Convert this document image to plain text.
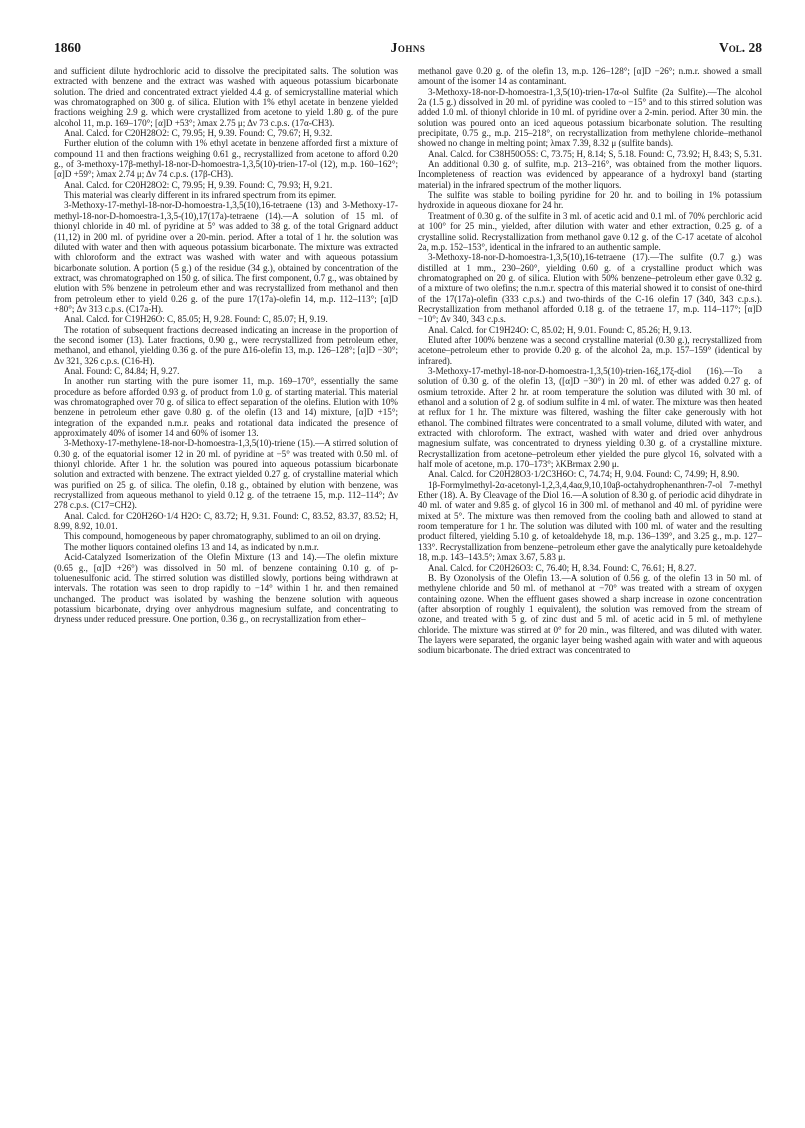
1860	Johns	Vol. 28

and sufficient dilute hydrochloric acid to dissolve the precipitated salts. The solution was extracted with benzene and the extract was washed with aqueous potassium bicarbonate solution. The dried and concentrated extract yielded 4.4 g. of semicrystalline material which was chromatographed on 300 g. of silica. Elution with 1% ethyl acetate in benzene yielded fractions weighing 2.9 g. which were crystallized from acetone to yield 1.80 g. of the pure alcohol 11, m.p. 169–170°; [α]D +53°; λmax 2.75 μ; Δν 73 c.p.s. (17α-CH3).

Anal. Calcd. for C20H28O2: C, 79.95; H, 9.39. Found: C, 79.67; H, 9.32.

Further elution of the column with 1% ethyl acetate in benzene afforded first a mixture of compound 11 and then fractions weighing 0.61 g., recrystallized from acetone to afford 0.20 g., of 3-methoxy-17β-methyl-18-nor-D-homoestra-1,3,5(10)-trien-17-ol (12), m.p. 160–162°; [α]D +59°; λmax 2.74 μ; Δν 74 c.p.s. (17β-CH3).

Anal. Calcd. for C20H28O2: C, 79.95; H, 9.39. Found: C, 79.93; H, 9.21.

This material was clearly different in its infrared spectrum from its epimer.

3-Methoxy-17-methyl-18-nor-D-homoestra-1,3,5(10),16-tetraene (13) and 3-Methoxy-17-methyl-18-nor-D-homoestra-1,3,5-(10),17(17a)-tetraene (14).—A solution of 15 ml. of thionyl chloride in 40 ml. of pyridine at 5° was added to 38 g. of the total Grignard adduct (11,12) in 200 ml. of pyridine over a 20-min. period. After a total of 1 hr. the solution was diluted with water and then with aqueous potassium bicarbonate. The mixture was extracted with chloroform and the extract was washed with water and with aqueous potassium bicarbonate solution. A portion (5 g.) of the residue (34 g.), obtained by concentration of the extract, was chromatographed on 150 g. of silica. The first component, 0.7 g., was obtained by elution with 5% benzene in petroleum ether and was recrystallized from methanol and then from petroleum ether to yield 0.26 g. of the pure 17(17a)-olefin 14, m.p. 112–113°; [α]D +80°; Δν 313 c.p.s. (C17a-H).

Anal. Calcd. for C19H26O: C, 85.05; H, 9.28. Found: C, 85.07; H, 9.19.

The rotation of subsequent fractions decreased indicating an increase in the proportion of the second isomer (13). Later fractions, 0.90 g., were recrystallized from petroleum ether, methanol, and ethanol, yielding 0.36 g. of the pure Δ16-olefin 13, m.p. 126–128°; [α]D −30°; Δν 321, 326 c.p.s. (C16-H).

Anal. Found: C, 84.84; H, 9.27.

In another run starting with the pure isomer 11, m.p. 169–170°, essentially the same procedure as before afforded 0.93 g. of product from 1.0 g. of starting material. This material was chromatographed over 70 g. of silica to effect separation of the olefins. Elution with 10% benzene in petroleum ether gave 0.80 g. of the olefin (13 and 14) mixture, [α]D +15°; integration of the expanded n.m.r. peaks and rotational data indicated the presence of approximately 40% of isomer 14 and 60% of isomer 13.

3-Methoxy-17-methylene-18-nor-D-homoestra-1,3,5(10)-triene (15).—A stirred solution of 0.30 g. of the equatorial isomer 12 in 20 ml. of pyridine at −5° was treated with 0.50 ml. of thionyl chloride. After 1 hr. the solution was poured into aqueous potassium bicarbonate solution and extracted with benzene. The extract yielded 0.27 g. of crystalline material which was purified on 25 g. of silica. The olefin, 0.18 g., obtained by elution with benzene, was recrystallized from aqueous methanol to yield 0.12 g. of the tetraene 15, m.p. 112–114°; Δν 278 c.p.s. (C17=CH2).

Anal. Calcd. for C20H26O·1/4 H2O: C, 83.72; H, 9.31. Found: C, 83.52, 83.37, 83.52; H, 8.99, 8.92, 10.01.

This compound, homogeneous by paper chromatography, sublimed to an oil on drying.

The mother liquors contained olefins 13 and 14, as indicated by n.m.r.

Acid-Catalyzed Isomerization of the Olefin Mixture (13 and 14).—The olefin mixture (0.65 g., [α]D +26°) was dissolved in 50 ml. of benzene containing 0.10 g. of p-toluenesulfonic acid. The stirred solution was distilled slowly, portions being withdrawn at intervals. The rotation was seen to drop rapidly to −14° within 1 hr. and then remained unchanged. The product was isolated by washing the benzene solution with aqueous potassium bicarbonate, drying over anhydrous magnesium sulfate, and concentrating to dryness under reduced pressure. One portion, 0.36 g., on recrystallization from ether–

methanol gave 0.20 g. of the olefin 13, m.p. 126–128°; [α]D −26°; n.m.r. showed a small amount of the isomer 14 as contaminant.

3-Methoxy-18-nor-D-homoestra-1,3,5(10)-trien-17α-ol Sulfite (2a Sulfite).—The alcohol 2a (1.5 g.) dissolved in 20 ml. of pyridine was cooled to −15° and to this stirred solution was added 1.0 ml. of thionyl chloride in 10 ml. of pyridine over a 2-min. period. After 30 min. the solution was poured onto an iced aqueous potassium bicarbonate solution. The resulting precipitate, 0.75 g., m.p. 215–218°, on recrystallization from methylene chloride–methanol showed no change in melting point; λmax 7.39, 8.32 μ (sulfite bands).

Anal. Calcd. for C38H50O5S: C, 73.75; H, 8.14; S, 5.18. Found: C, 73.92; H, 8.43; S, 5.31.

An additional 0.30 g. of sulfite, m.p. 213–216°, was obtained from the mother liquors. Incompleteness of reaction was evidenced by appearance of a hydroxyl band (starting material) in the infrared spectrum of the mother liquors.

The sulfite was stable to boiling pyridine for 20 hr. and to boiling in 1% potassium hydroxide in aqueous dioxane for 24 hr.

Treatment of 0.30 g. of the sulfite in 3 ml. of acetic acid and 0.1 ml. of 70% perchloric acid at 100° for 25 min., yielded, after dilution with water and ether extraction, 0.25 g. of a crystalline solid. Recrystallization from methanol gave 0.12 g. of the C-17 acetate of alcohol 2a, m.p. 152–153°, identical in the infrared to an authentic sample.

3-Methoxy-18-nor-D-homoestra-1,3,5(10),16-tetraene (17).—The sulfite (0.7 g.) was distilled at 1 mm., 230–260°, yielding 0.60 g. of a crystalline product which was chromatographed on 20 g. of silica. Elution with 50% benzene–petroleum ether gave 0.32 g. of a mixture of two olefins; the n.m.r. spectra of this material showed it to consist of one-third of the 17(17a)-olefin (333 c.p.s.) and two-thirds of the C-16 olefin 17 (340, 343 c.p.s.). Recrystallization from methanol afforded 0.18 g. of the tetraene 17, m.p. 114–117°; [α]D −10°; Δν 340, 343 c.p.s.

Anal. Calcd. for C19H24O: C, 85.02; H, 9.01. Found: C, 85.26; H, 9.13.

Eluted after 100% benzene was a second crystalline material (0.30 g.), recrystallized from acetone–petroleum ether to provide 0.20 g. of the alcohol 2a, m.p. 157–159° (identical by infrared).

3-Methoxy-17-methyl-18-nor-D-homoestra-1,3,5(10)-trien-16ξ,17ξ-diol (16).—To a solution of 0.30 g. of the olefin 13, ([α]D −30°) in 20 ml. of ether was added 0.27 g. of osmium tetroxide. After 2 hr. at room temperature the solution was diluted with 30 ml. of ethanol and a solution of 2 g. of sodium sulfite in 4 ml. of water. The mixture was then heated at reflux for 1 hr. The mixture was filtered, washing the filter cake generously with hot ethanol. The combined filtrates were concentrated to a small volume, diluted with water, and extracted with chloroform. The extract, washed with water and dried over anhydrous magnesium sulfate, was concentrated to dryness yielding 0.30 g. of a crystalline mixture. Recrystallization from acetone–petroleum ether yielded the pure glycol 16, solvated with a half mole of acetone, m.p. 170–173°; λKBrmax 2.90 μ.

Anal. Calcd. for C20H28O3·1/2C3H6O: C, 74.74; H, 9.04. Found: C, 74.99; H, 8.90.

1β-Formylmethyl-2α-acetonyl-1,2,3,4,4aα,9,10,10aβ-octahydrophenanthren-7-ol 7-methyl Ether (18). A. By Cleavage of the Diol 16.—A solution of 8.30 g. of periodic acid dihydrate in 40 ml. of water and 9.85 g. of glycol 16 in 300 ml. of methanol and 40 ml. of pyridine were mixed at 5°. The mixture was then removed from the cooling bath and allowed to stand at room temperature for 1 hr. The solution was diluted with 100 ml. of water and the resulting product filtered, yielding 5.10 g. of ketoaldehyde 18, m.p. 136–139°, and 3.25 g., m.p. 127–133°. Recrystallization from benzene–petroleum ether gave the analytically pure ketoaldehyde 18, m.p. 143–143.5°; λmax 3.67, 5.83 μ.

Anal. Calcd. for C20H26O3: C, 76.40; H, 8.34. Found: C, 76.61; H, 8.27.

B. By Ozonolysis of the Olefin 13.—A solution of 0.56 g. of the olefin 13 in 50 ml. of methylene chloride and 50 ml. of methanol at −70° was treated with a stream of oxygen containing ozone. When the effluent gases showed a sharp increase in ozone concentration (after absorption of roughly 1 equivalent), the solution was removed from the stream of ozone, and treated with 5 g. of zinc dust and 5 ml. of acetic acid in 5 ml. of methylene chloride. The mixture was stirred at 0° for 20 min., was filtered, and was diluted with water. The layers were separated, the organic layer being washed again with water and with aqueous sodium bicarbonate. The dried extract was concentrated to
